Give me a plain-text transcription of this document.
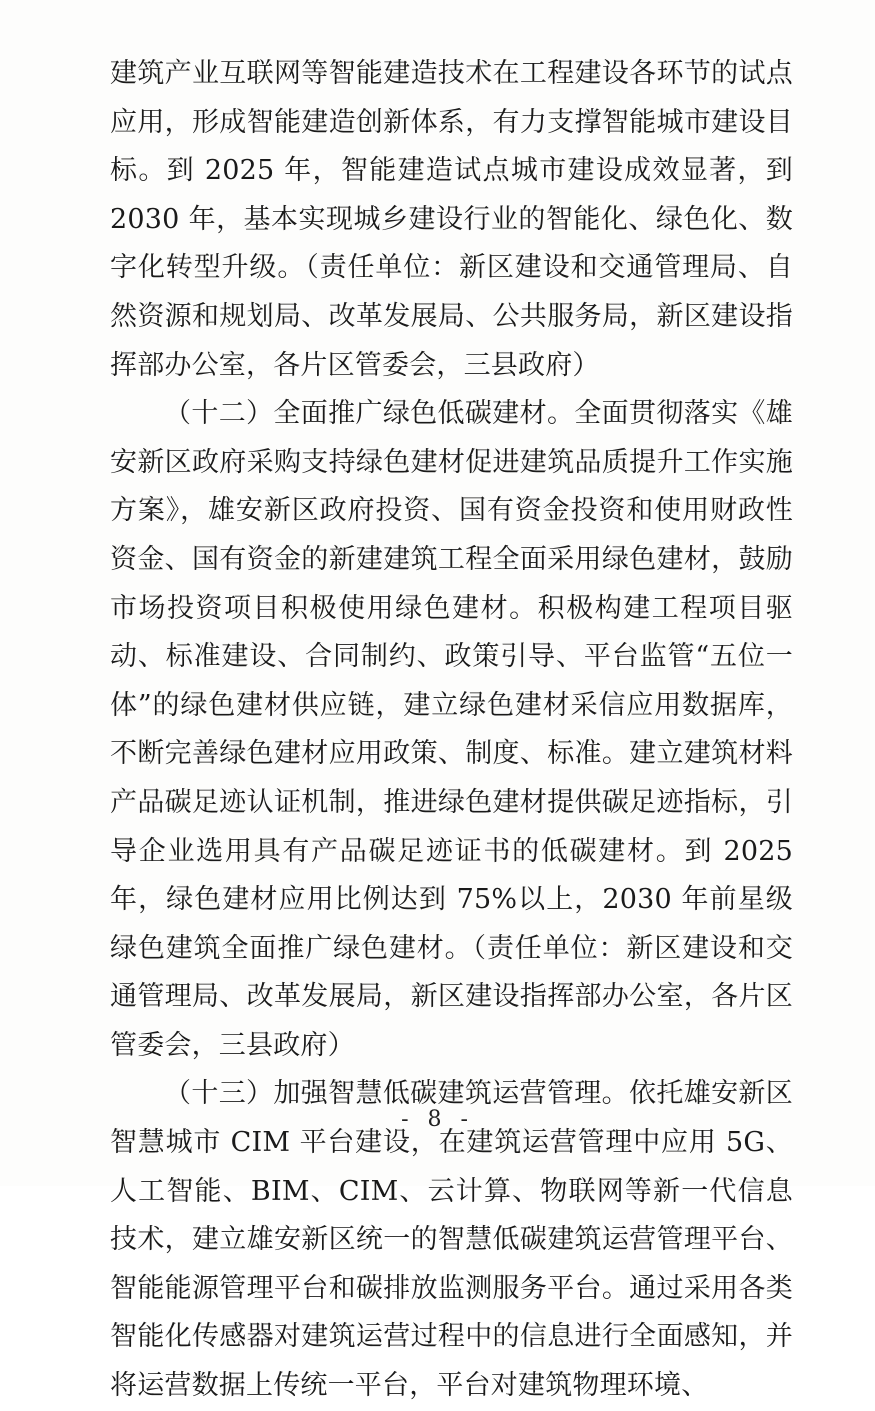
建筑产业互联网等智能建造技术在工程建设各环节的试点应用，形成智能建造创新体系，有力支撑智能城市建设目标。到 2025 年，智能建造试点城市建设成效显著，到 2030 年，基本实现城乡建设行业的智能化、绿色化、数字化转型升级。（责任单位：新区建设和交通管理局、自然资源和规划局、改革发展局、公共服务局，新区建设指挥部办公室，各片区管委会，三县政府）

（十二）全面推广绿色低碳建材。全面贯彻落实《雄安新区政府采购支持绿色建材促进建筑品质提升工作实施方案》，雄安新区政府投资、国有资金投资和使用财政性资金、国有资金的新建建筑工程全面采用绿色建材，鼓励市场投资项目积极使用绿色建材。积极构建工程项目驱动、标准建设、合同制约、政策引导、平台监管“五位一体”的绿色建材供应链，建立绿色建材采信应用数据库，不断完善绿色建材应用政策、制度、标准。建立建筑材料产品碳足迹认证机制，推进绿色建材提供碳足迹指标，引导企业选用具有产品碳足迹证书的低碳建材。到 2025 年，绿色建材应用比例达到 75%以上，2030 年前星级绿色建筑全面推广绿色建材。（责任单位：新区建设和交通管理局、改革发展局，新区建设指挥部办公室，各片区管委会，三县政府）

（十三）加强智慧低碳建筑运营管理。依托雄安新区智慧城市 CIM 平台建设，在建筑运营管理中应用 5G、人工智能、BIM、CIM、云计算、物联网等新一代信息技术，建立雄安新区统一的智慧低碳建筑运营管理平台、智能能源管理平台和碳排放监测服务平台。通过采用各类智能化传感器对建筑运营过程中的信息进行全面感知，并将运营数据上传统一平台，平台对建筑物理环境、

- 8 -
